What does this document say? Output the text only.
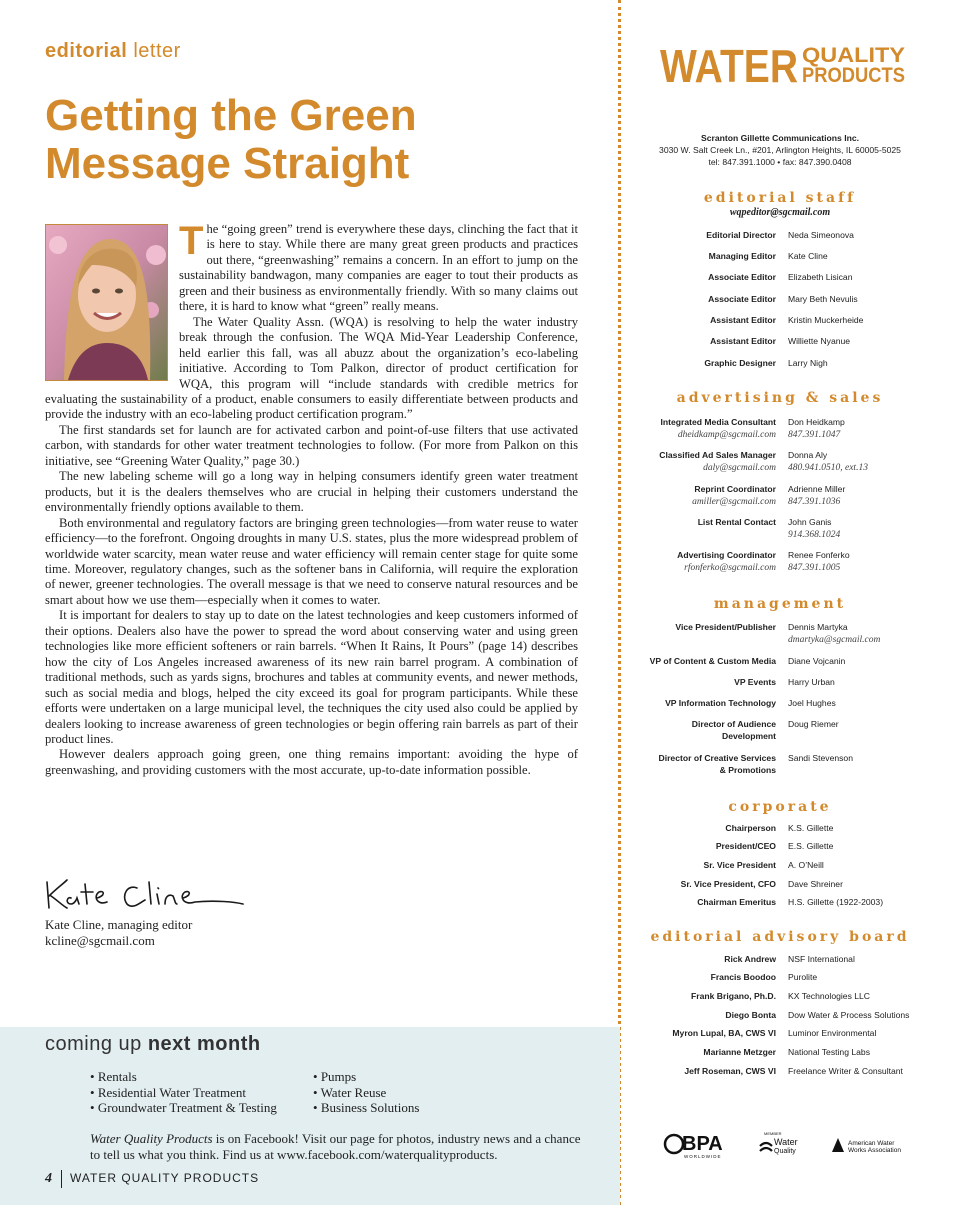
editorial letter
Getting the Green Message Straight

The “going green” trend is everywhere these days, clinching the fact that it is here to stay. While there are many great green products and practices out there, “greenwashing” remains a concern. In an effort to jump on the sustainability bandwagon, many companies are eager to tout their products as green and their business as environmentally friendly. With so many claims out there, it is hard to know what “green” really means.

The Water Quality Assn. (WQA) is resolving to help the water industry break through the confusion. The WQA Mid-Year Leadership Conference, held earlier this fall, was all abuzz about the organization’s eco-labeling initiative. According to Tom Palkon, director of product certification for WQA, this program will “include standards with credible metrics for evaluating the sustainability of a product, enable consumers to easily differentiate between products and provide the industry with an eco-labeling product certification program.”

The first standards set for launch are for activated carbon and point-of-use filters that use activated carbon, with standards for other water treatment technologies to follow. (For more from Palkon on this initiative, see “Greening Water Quality,” page 30.)

The new labeling scheme will go a long way in helping consumers identify green water treatment products, but it is the dealers themselves who are crucial in helping their customers understand the environmentally friendly options available to them.

Both environmental and regulatory factors are bringing green technologies—from water reuse to water efficiency—to the forefront. Ongoing droughts in many U.S. states, plus the more widespread problem of worldwide water scarcity, mean water reuse and water efficiency will remain center stage for quite some time. Moreover, regulatory changes, such as the softener bans in California, will require the exploration of newer, greener technologies. The overall message is that we need to conserve natural resources and be smart about how we use them—especially when it comes to water.

It is important for dealers to stay up to date on the latest technologies and keep customers informed of their options. Dealers also have the power to spread the word about conserving water and using green technologies like more efficient softeners or rain barrels. “When It Rains, It Pours” (page 14) describes how the city of Los Angeles increased awareness of its new rain barrel program. A combination of traditional methods, such as yards signs, brochures and tables at community events, and newer methods, such as social media and blogs, helped the city exceed its goal for program participants. While these efforts were undertaken on a large municipal level, the techniques the city used also could be applied by dealers looking to increase awareness of green technologies or begin offering rain barrels as part of their product lines.

However dealers approach going green, one thing remains important: avoiding the hype of greenwashing, and providing customers with the most accurate, up-to-date information possible.

Kate Cline, managing editor
kcline@sgcmail.com
coming up next month
• Rentals
• Residential Water Treatment
• Groundwater Treatment & Testing
• Pumps
• Water Reuse
• Business Solutions
Water Quality Products is on Facebook! Visit our page for photos, industry news and a chance to tell us what you think. Find us at www.facebook.com/waterqualityproducts.
4 WATER QUALITY PRODUCTS
WATER QUALITY
PRODUCTS
Scranton Gillette Communications Inc.
3030 W. Salt Creek Ln., #201, Arlington Heights, IL 60005-5025
tel: 847.391.1000 • fax: 847.390.0408
editorial staff
wqpeditor@sgcmail.com
Editorial Director Neda Simeonova
Managing Editor Kate Cline
Associate Editor Elizabeth Lisican
Associate Editor Mary Beth Nevulis
Assistant Editor Kristin Muckerheide
Assistant Editor Williette Nyanue
Graphic Designer Larry Nigh
advertising & sales
Integrated Media Consultant
dheidkamp@sgcmail.com
Don Heidkamp
847.391.1047
Classified Ad Sales Manager
daly@sgcmail.com
Donna Aly
480.941.0510, ext.13
Reprint Coordinator
amiller@sgcmail.com
Adrienne Miller
847.391.1036
List Rental Contact John Ganis
914.368.1024
Advertising Coordinator
rfonferko@sgcmail.com
Renee Fonferko
847.391.1005
management
Vice President/Publisher Dennis Martyka
dmartyka@sgcmail.com
VP of Content & Custom Media Diane Vojcanin

VP Events Harry Urban

VP Information Technology Joel Hughes

Director of Audience
Development
Doug Riemer

Director of Creative Services
& Promotions
Sandi Stevenson

corporate
Chairperson K.S. Gillette
President/CEO E.S. Gillette
Sr. Vice President A. O’Neill
Sr. Vice President, CFO Dave Shreiner
Chairman Emeritus H.S. Gillette (1922-2003)
editorial advisory board
Rick Andrew NSF International
Francis Boodoo Purolite
Frank Brigano, Ph.D. KX Technologies LLC
Diego Bonta Dow Water & Process Solutions
Myron Lupal, BA, CWS VI Luminor Environmental
Marianne Metzger National Testing Labs
Jeff Roseman, CWS VI Freelance Writer & Consultant
BPA
WORLDWIDE
MEMBER
Water
Quality
American Water
Works Association
